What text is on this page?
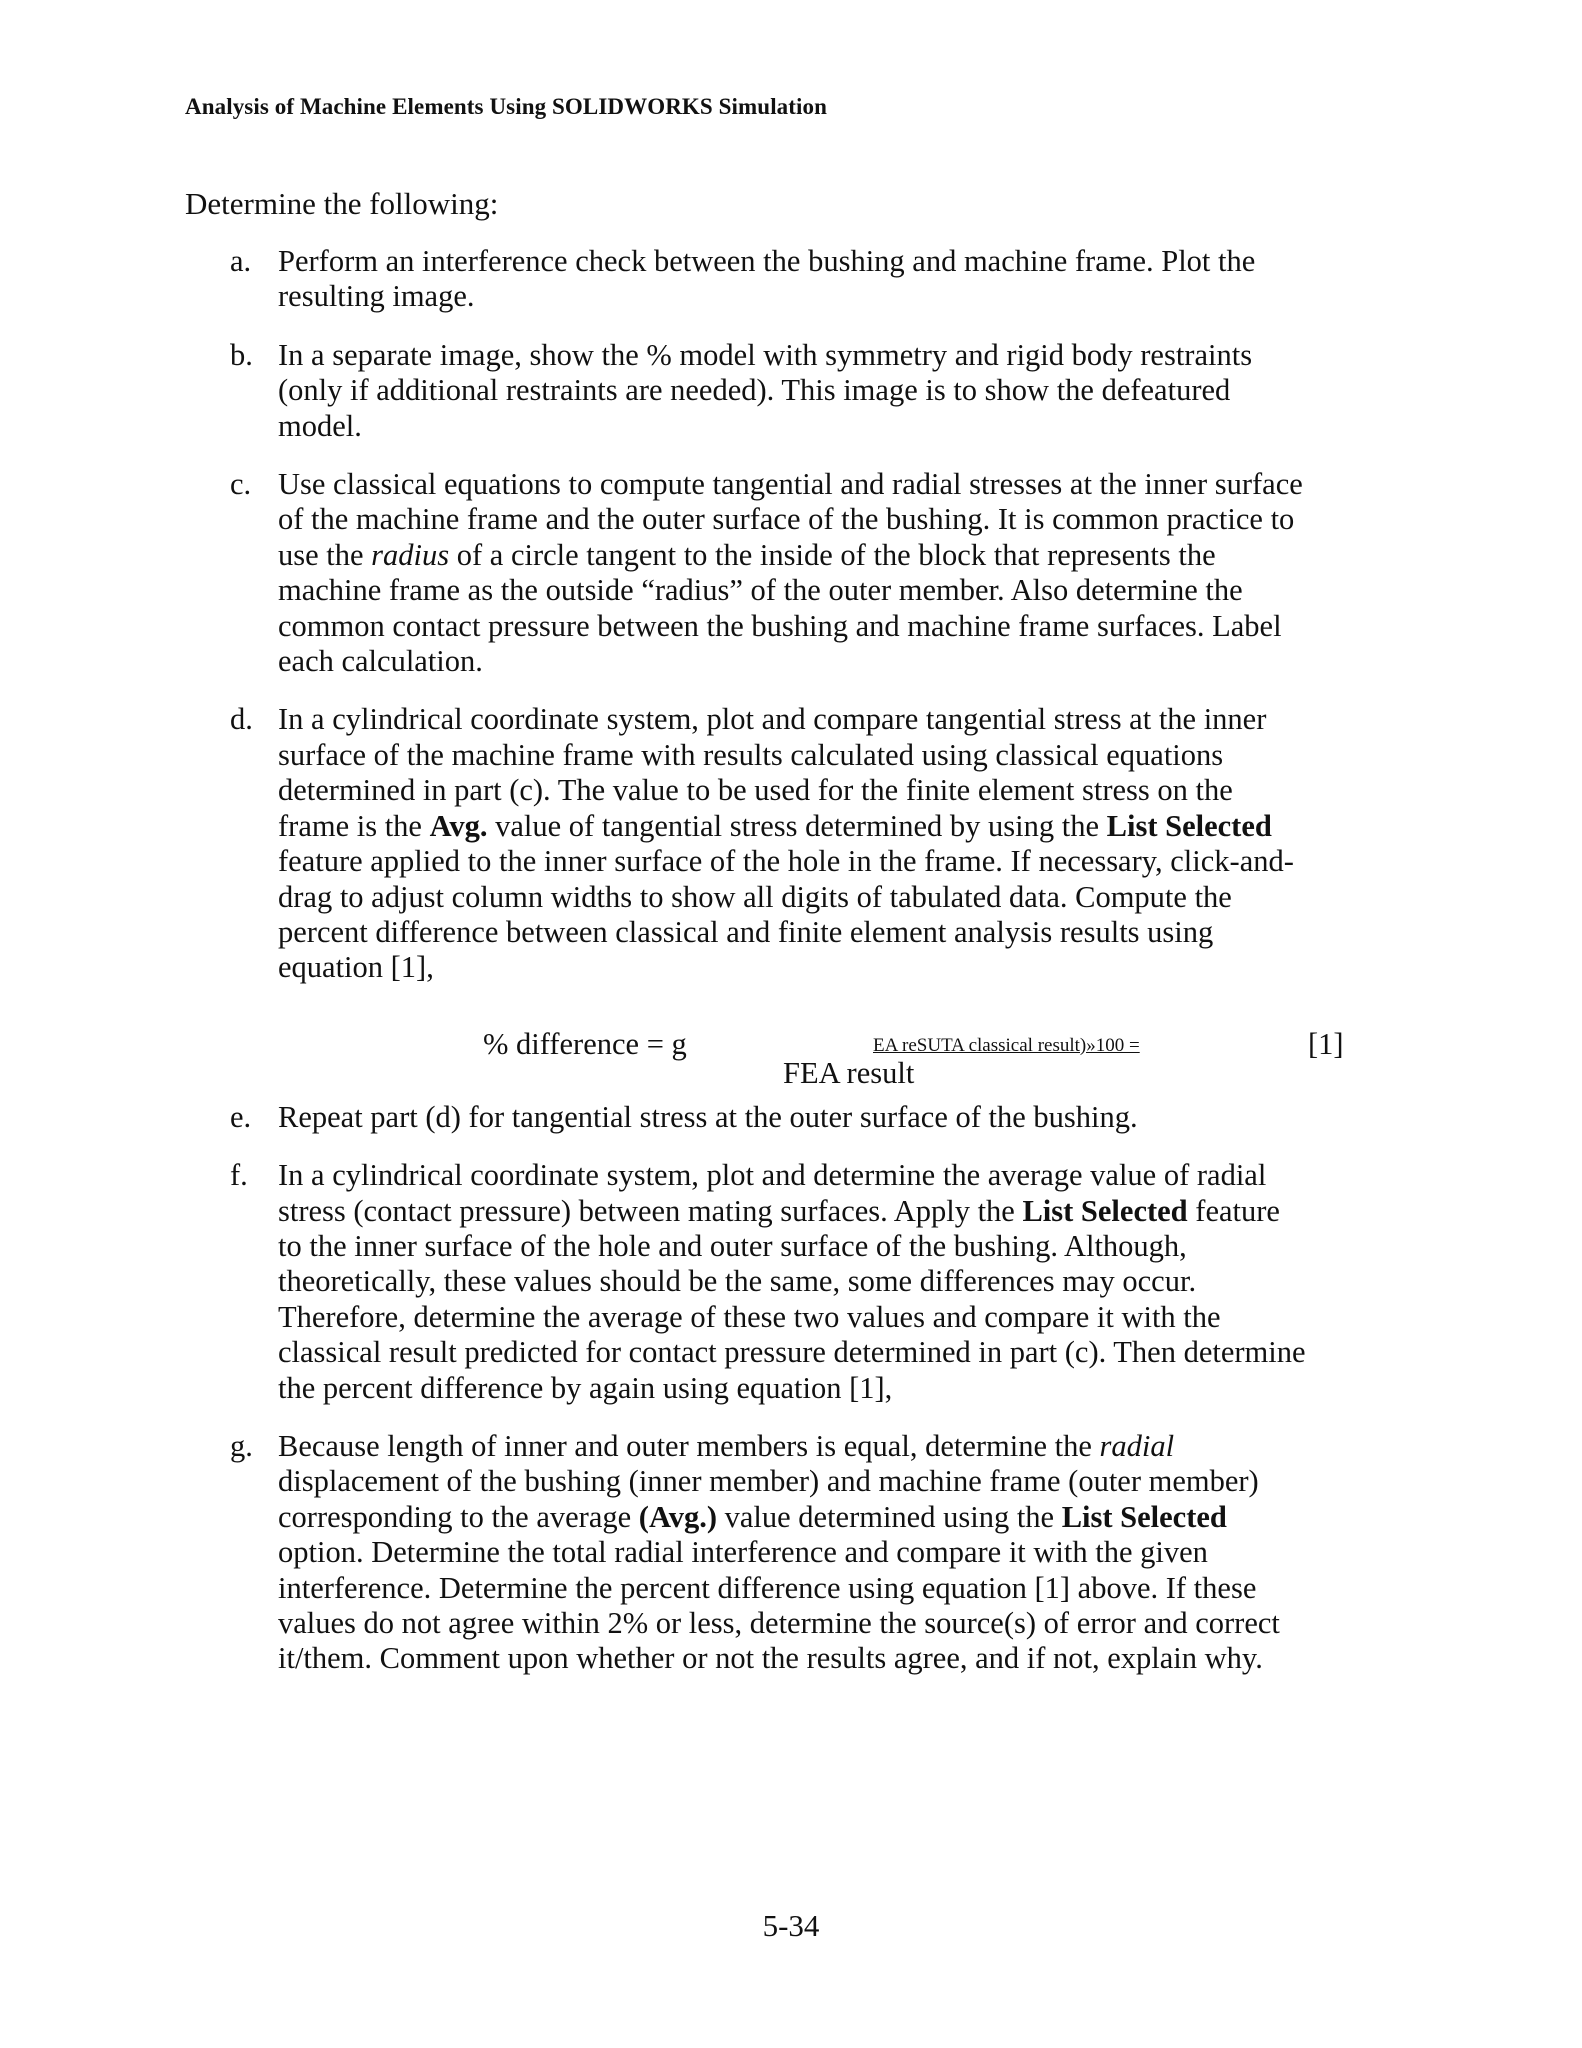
Analysis of Machine Elements Using SOLIDWORKS Simulation
Determine the following:
a. Perform an interference check between the bushing and machine frame. Plot the resulting image.
b. In a separate image, show the % model with symmetry and rigid body restraints (only if additional restraints are needed). This image is to show the defeatured model.
c. Use classical equations to compute tangential and radial stresses at the inner surface of the machine frame and the outer surface of the bushing. It is common practice to use the radius of a circle tangent to the inside of the block that represents the machine frame as the outside “radius” of the outer member. Also determine the common contact pressure between the bushing and machine frame surfaces. Label each calculation.
d. In a cylindrical coordinate system, plot and compare tangential stress at the inner surface of the machine frame with results calculated using classical equations determined in part (c). The value to be used for the finite element stress on the frame is the Avg. value of tangential stress determined by using the List Selected feature applied to the inner surface of the hole in the frame. If necessary, click-and-drag to adjust column widths to show all digits of tabulated data. Compute the percent difference between classical and finite element analysis results using equation [1],
% difference = g	EA reSUTA classical result)»100 =
FEA result
[1]
e. Repeat part (d) for tangential stress at the outer surface of the bushing.
f. In a cylindrical coordinate system, plot and determine the average value of radial stress (contact pressure) between mating surfaces. Apply the List Selected feature to the inner surface of the hole and outer surface of the bushing. Although, theoretically, these values should be the same, some differences may occur. Therefore, determine the average of these two values and compare it with the classical result predicted for contact pressure determined in part (c). Then determine the percent difference by again using equation [1],
g. Because length of inner and outer members is equal, determine the radial displacement of the bushing (inner member) and machine frame (outer member) corresponding to the average (Avg.) value determined using the List Selected option. Determine the total radial interference and compare it with the given interference. Determine the percent difference using equation [1] above. If these values do not agree within 2% or less, determine the source(s) of error and correct it/them. Comment upon whether or not the results agree, and if not, explain why.
5-34
